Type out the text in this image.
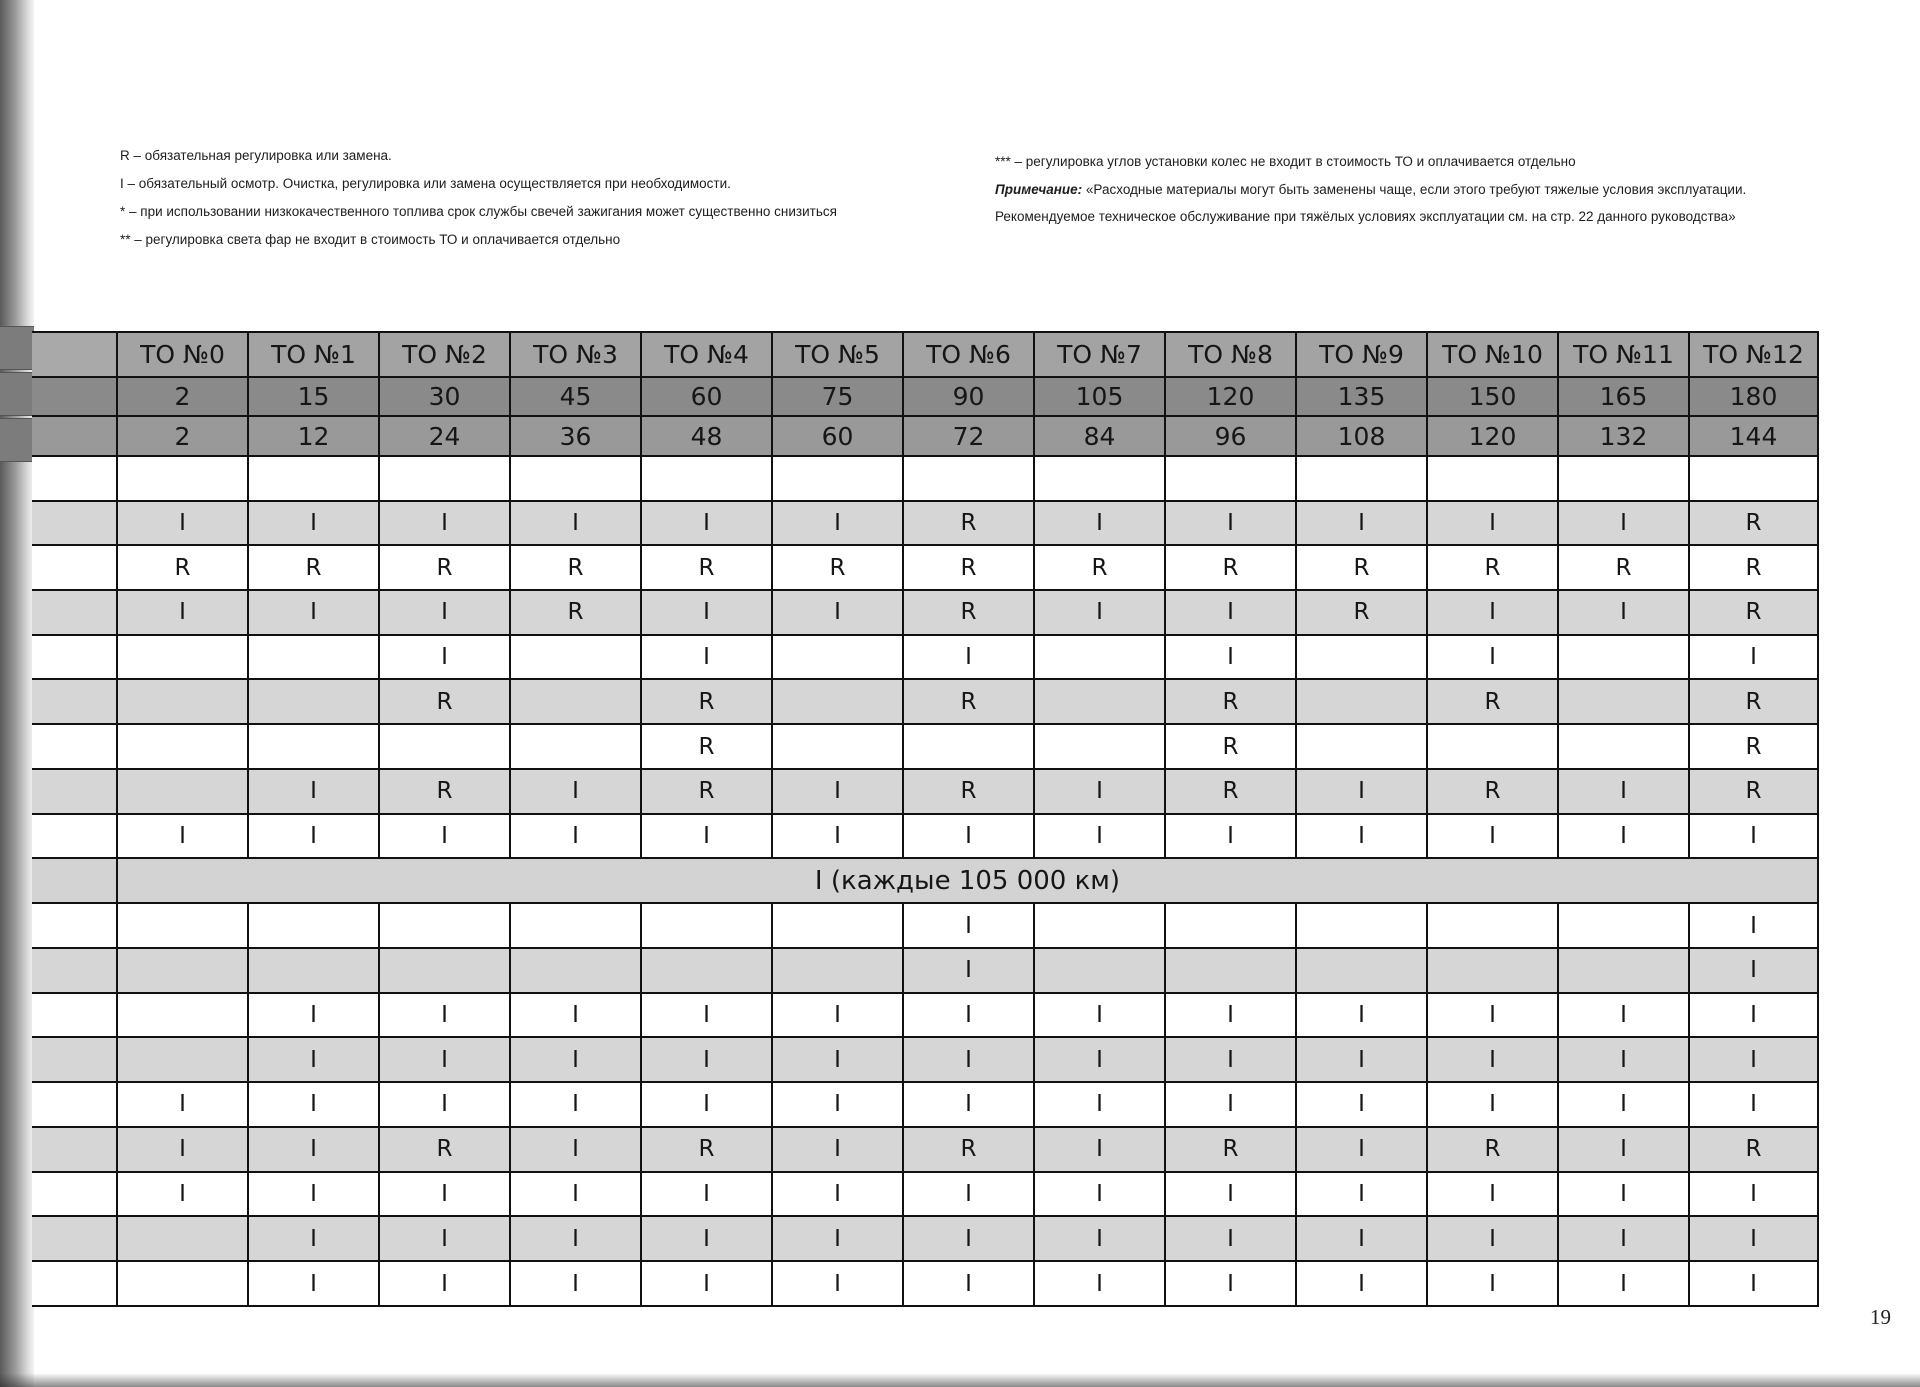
R – обязательная регулировка или замена.

I – обязательный осмотр. Очистка, регулировка или замена осуществляется при необходимости.

* – при использовании низкокачественного топлива срок службы свечей зажигания может существенно снизиться

** – регулировка света фар не входит в стоимость ТО и оплачивается отдельно

*** – регулировка углов установки колес не входит в стоимость ТО и оплачивается отдельно

Примечание: «Расходные материалы могут быть заменены чаще, если этого требуют тяжелые условия эксплуатации. Рекомендуемое техническое обслуживание при тяжёлых условиях эксплуатации см. на стр. 22 данного руководства»

	ТО №0	ТО №1	ТО №2	ТО №3	ТО №4	ТО №5	ТО №6	ТО №7	ТО №8	ТО №9	ТО №10	ТО №11	ТО №12
	2	15	30	45	60	75	90	105	120	135	150	165	180
	2	12	24	36	48	60	72	84	96	108	120	132	144

	I	I	I	I	I	I	R	I	I	I	I	I	R
	R	R	R	R	R	R	R	R	R	R	R	R	R
	I	I	I	R	I	I	R	I	I	R	I	I	R
			I		I		I		I		I		I
			R		R		R		R		R		R
					R				R				R
		I	R	I	R	I	R	I	R	I	R	I	R
	I	I	I	I	I	I	I	I	I	I	I	I	I
	I (каждые 105 000 км)												
							I						I
							I						I
		I	I	I	I	I	I	I	I	I	I	I	I
		I	I	I	I	I	I	I	I	I	I	I	I
	I	I	I	I	I	I	I	I	I	I	I	I	I
	I	I	R	I	R	I	R	I	R	I	R	I	R
	I	I	I	I	I	I	I	I	I	I	I	I	I
		I	I	I	I	I	I	I	I	I	I	I	I
		I	I	I	I	I	I	I	I	I	I	I	I
19
